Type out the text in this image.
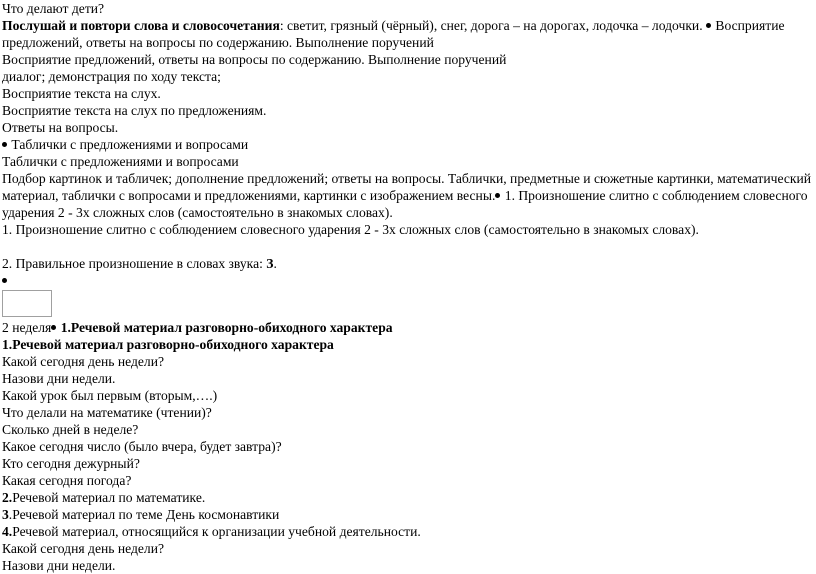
Что делают дети?
Послушай и повтори слова и словосочетания: светит, грязный (чёрный), снег, дорога – на дорогах, лодочка – лодочки. Восприятие
предложений, ответы на вопросы по содержанию. Выполнение поручений
Восприятие предложений, ответы на вопросы по содержанию. Выполнение поручений
диалог; демонстрация по ходу текста;
Восприятие текста на слух.
Восприятие текста на слух по предложениям.
Ответы на вопросы.
Таблички с предложениями и вопросами
Таблички с предложениями и вопросами
Подбор картинок и табличек; дополнение предложений; ответы на вопросы. Таблички, предметные и сюжетные картинки, математический материал, таблички с вопросами и предложениями, картинки с изображением весны. 1. Произношение слитно с соблюдением словесного ударения 2 - 3х сложных слов (самостоятельно в знакомых словах).
1. Произношение слитно с соблюдением словесного ударения 2 - 3х сложных слов (самостоятельно в знакомых словах).
2. Правильное произношение в словах звука: З.
2 неделя 1.Речевой материал разговорно-обиходного характера
1.Речевой материал разговорно-обиходного характера
Какой сегодня день недели?
Назови дни недели.
Какой урок был первым (вторым,….)
Что делали на математике (чтении)?
Сколько дней в неделе?
Какое сегодня число (было вчера, будет завтра)?
Кто сегодня дежурный?
Какая сегодня погода?
2.Речевой материал по математике.
3.Речевой материал по теме День космонавтики
4.Речевой материал, относящийся к организации учебной деятельности.
Какой сегодня день недели?
Назови дни недели.
